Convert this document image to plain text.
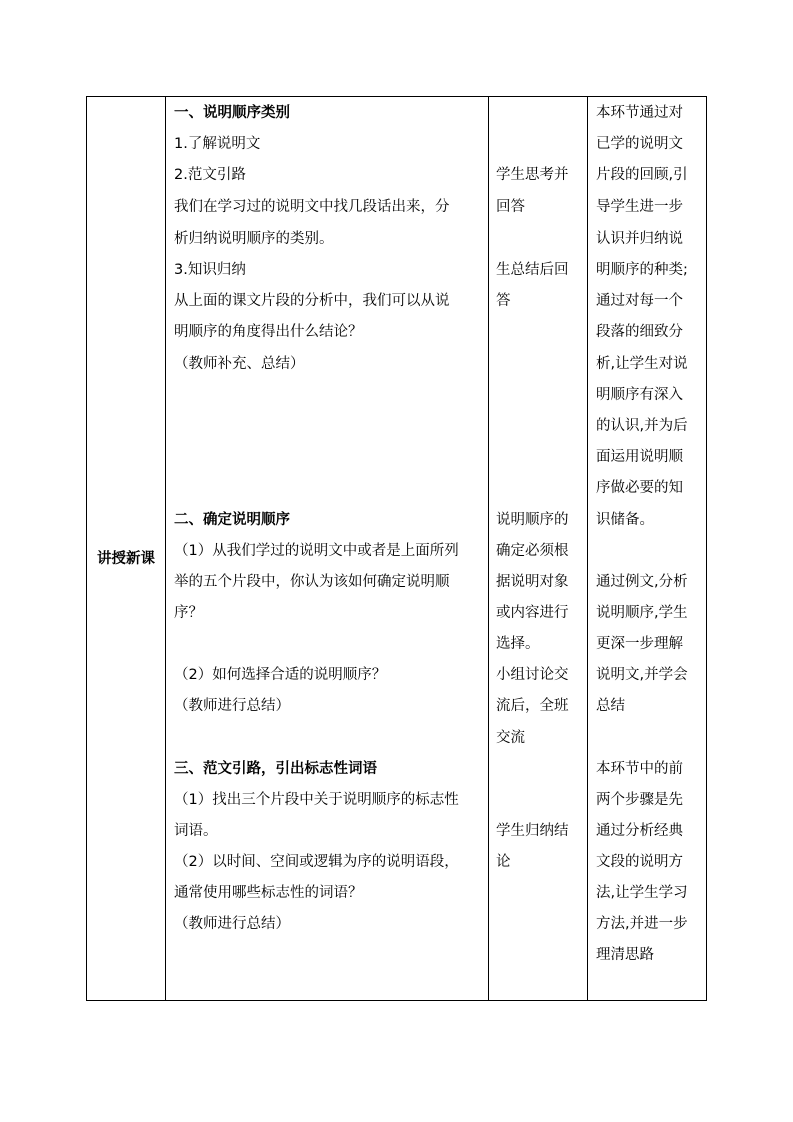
讲授新课
一、说明顺序类别
1.了解说明文
2.范文引路
我们在学习过的说明文中找几段话出来，分
析归纳说明顺序的类别。
3.知识归纳
从上面的课文片段的分析中，我们可以从说
明顺序的角度得出什么结论？
（教师补充、总结）
二、确定说明顺序
（1）从我们学过的说明文中或者是上面所列
举的五个片段中，你认为该如何确定说明顺
序？
（2）如何选择合适的说明顺序？
（教师进行总结）
三、范文引路，引出标志性词语
（1）找出三个片段中关于说明顺序的标志性
词语。
（2）以时间、空间或逻辑为序的说明语段，
通常使用哪些标志性的词语？
（教师进行总结）
学生思考并
回答
生总结后回
答
说明顺序的
确定必须根
据说明对象
或内容进行
选择。
小组讨论交
流后，全班
交流
学生归纳结
论
本环节通过对
已学的说明文
片段的回顾,引
导学生进一步
认识并归纳说
明顺序的种类;
通过对每一个
段落的细致分
析,让学生对说
明顺序有深入
的认识,并为后
面运用说明顺
序做必要的知
识储备。
通过例文,分析
说明顺序,学生
更深一步理解
说明文,并学会
总结
本环节中的前
两个步骤是先
通过分析经典
文段的说明方
法,让学生学习
方法,并进一步
理清思路
